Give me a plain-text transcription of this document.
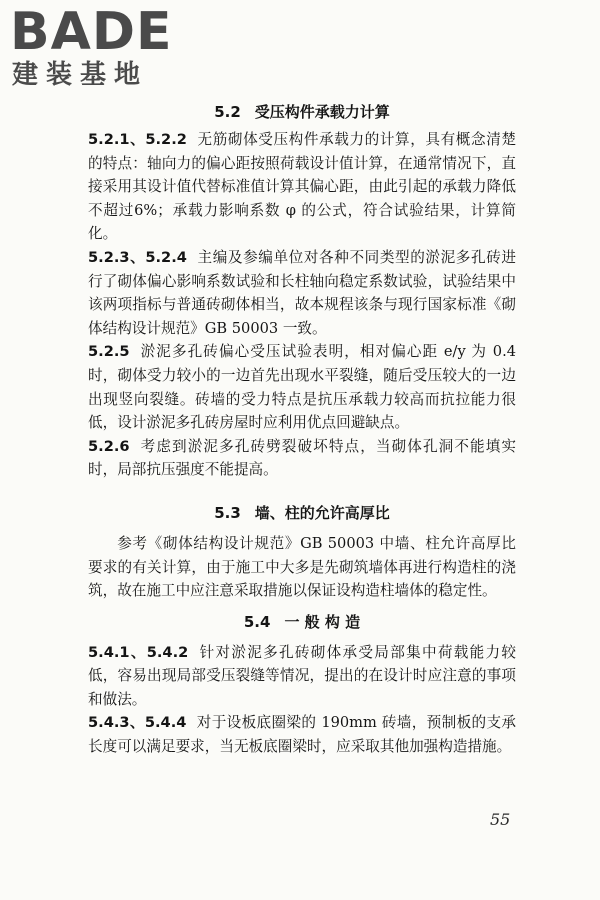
BADE
建装基地
5.2 受压构件承载力计算

5.2.1、5.2.2 无筋砌体受压构件承载力的计算，具有概念清楚的特点：轴向力的偏心距按照荷载设计值计算，在通常情况下，直接采用其设计值代替标准值计算其偏心距，由此引起的承载力降低不超过6%；承载力影响系数 φ 的公式，符合试验结果，计算简化。

5.2.3、5.2.4 主编及参编单位对各种不同类型的淤泥多孔砖进行了砌体偏心影响系数试验和长柱轴向稳定系数试验，试验结果中该两项指标与普通砖砌体相当，故本规程该条与现行国家标准《砌体结构设计规范》GB 50003 一致。

5.2.5 淤泥多孔砖偏心受压试验表明，相对偏心距 e/y 为 0.4 时，砌体受力较小的一边首先出现水平裂缝，随后受压较大的一边出现竖向裂缝。砖墙的受力特点是抗压承载力较高而抗拉能力很低，设计淤泥多孔砖房屋时应利用优点回避缺点。

5.2.6 考虑到淤泥多孔砖劈裂破坏特点，当砌体孔洞不能填实时，局部抗压强度不能提高。

5.3 墙、柱的允许高厚比

参考《砌体结构设计规范》GB 50003 中墙、柱允许高厚比要求的有关计算，由于施工中大多是先砌筑墙体再进行构造柱的浇筑，故在施工中应注意采取措施以保证设构造柱墙体的稳定性。

5.4 一 般 构 造

5.4.1、5.4.2 针对淤泥多孔砖砌体承受局部集中荷载能力较低，容易出现局部受压裂缝等情况，提出的在设计时应注意的事项和做法。

5.4.3、5.4.4 对于设板底圈梁的 190mm 砖墙，预制板的支承长度可以满足要求，当无板底圈梁时，应采取其他加强构造措施。

55
